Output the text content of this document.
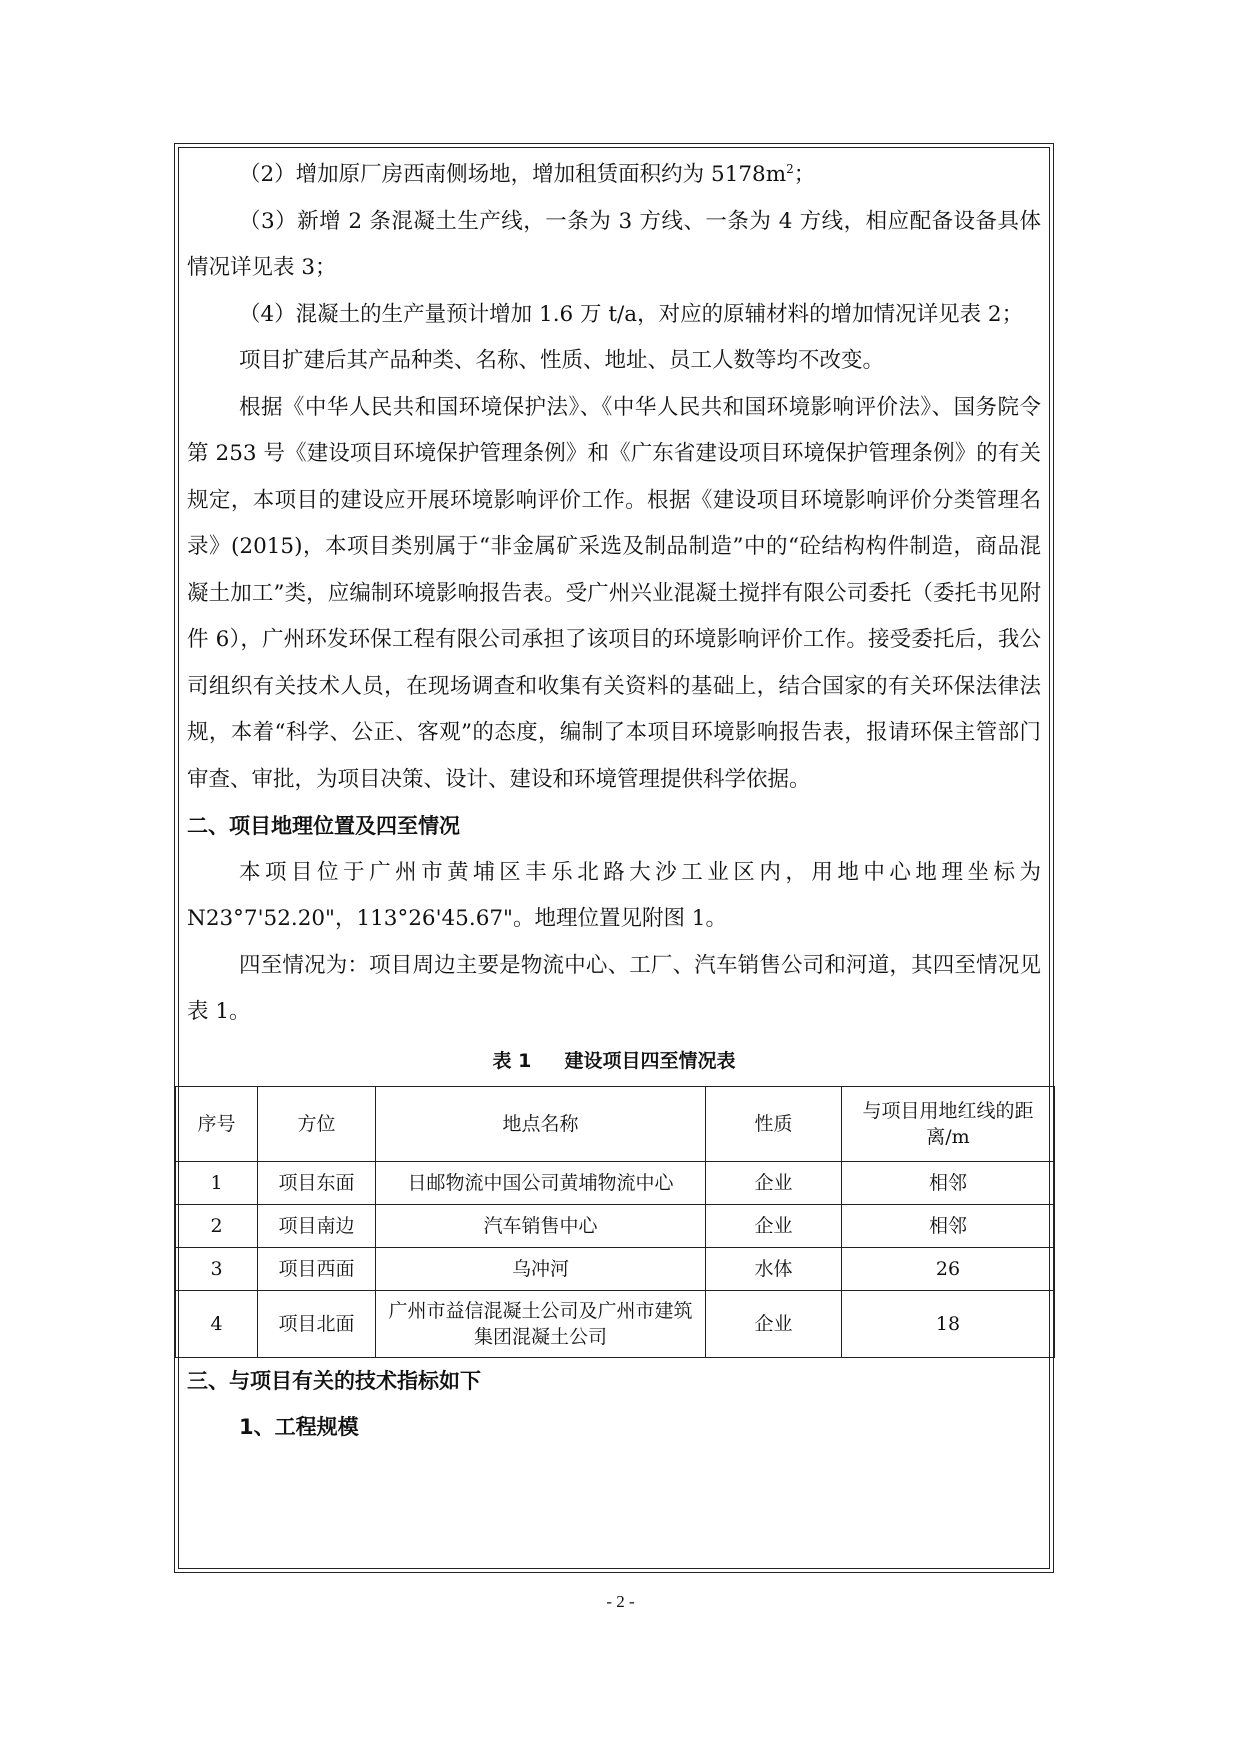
（2）增加原厂房西南侧场地，增加租赁面积约为 $5178m^2$；

（3）新增 2 条混凝土生产线，一条为 3 方线、一条为 4 方线，相应配备设备具体情况详见表 3；

（4）混凝土的生产量预计增加 1.6 万 t/a，对应的原辅材料的增加情况详见表 2；

项目扩建后其产品种类、名称、性质、地址、员工人数等均不改变。

根据《中华人民共和国环境保护法》、《中华人民共和国环境影响评价法》、国务院令第 253 号《建设项目环境保护管理条例》和《广东省建设项目环境保护管理条例》的有关规定，本项目的建设应开展环境影响评价工作。根据《建设项目环境影响评价分类管理名录》(2015)，本项目类别属于“非金属矿采选及制品制造”中的“砼结构构件制造，商品混凝土加工”类，应编制环境影响报告表。受广州兴业混凝土搅拌有限公司委托（委托书见附件 6），广州环发环保工程有限公司承担了该项目的环境影响评价工作。接受委托后，我公司组织有关技术人员，在现场调查和收集有关资料的基础上，结合国家的有关环保法律法规，本着“科学、公正、客观”的态度，编制了本项目环境影响报告表，报请环保主管部门审查、审批，为项目决策、设计、建设和环境管理提供科学依据。

二、项目地理位置及四至情况

本项目位于广州市黄埔区丰乐北路大沙工业区内，用地中心地理坐标为 N23°7'52.20"，113°26'45.67"。地理位置见附图 1。

四至情况为：项目周边主要是物流中心、工厂、汽车销售公司和河道，其四至情况见表 1。

表 1     建设项目四至情况表
序号	方位	地点名称	性质	与项目用地红线的距离/m
1	项目东面	日邮物流中国公司黄埔物流中心	企业	相邻
2	项目南边	汽车销售中心	企业	相邻
3	项目西面	乌冲河	水体	26
4	项目北面	广州市益信混凝土公司及广州市建筑集团混凝土公司	企业	18

三、与项目有关的技术指标如下

1、工程规模

- 2 -
